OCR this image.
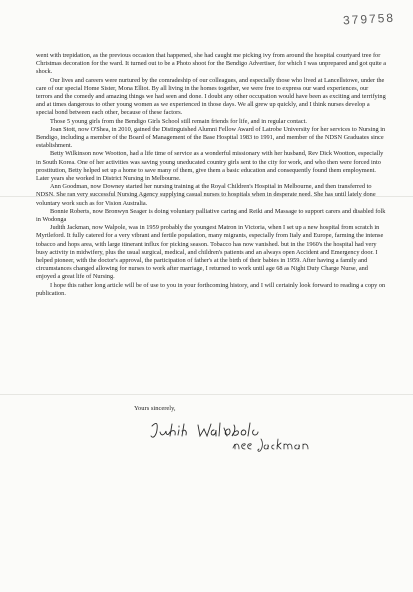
379758

went with trepidation, as the previous occasion that happened, she had caught me picking ivy from around the hospital courtyard tree for Christmas decoration for the ward. It turned out to be a Photo shoot for the Bendigo Advertiser, for which I was unprepared and got quite a shock.

Our lives and careers were nurtured by the comradeship of our colleagues, and especially those who lived at Lancellstowe, under the care of our special Home Sister, Mona Elliot. By all living in the homes together, we were free to express our ward experiences, our terrors and the comedy and amazing things we had seen and done. I doubt any other occupation would have been as exciting and terrifying and at times dangerous to other young women as we experienced in those days. We all grew up quickly, and I think nurses develop a special bond between each other, because of these factors.

Those 5 young girls from the Bendigo Girls School still remain friends for life, and in regular contact.

Joan Stott, now O'Shea, in 2010, gained the Distinguished Alumni Fellow Award of Latrobe University for her services to Nursing in Bendigo, including a member of the Board of Management of the Base Hospital 1983 to 1991, and member of the NDSN Graduates since establishment.

Betty Wilkinson now Wootton, had a life time of service as a wonderful missionary with her husband, Rev Dick Wootton, especially in South Korea. One of her activities was saving young uneducated country girls sent to the city for work, and who then were forced into prostitution, Betty helped set up a home to save many of them, give them a basic education and consequently found them employment. Later years she worked in District Nursing in Melbourne.

Ann Goodman, now Downey started her nursing training at the Royal Children's Hospital in Melbourne, and then transferred to NDSN. She ran very successful Nursing Agency supplying casual nurses to hospitals when in desperate need. She has until lately done voluntary work such as for Vision Australia.

Bonnie Roberts, now Bronwyn Seager is doing voluntary palliative caring and Reiki and Massage to support carers and disabled folk in Wodonga

Judith Jackman, now Walpole, was in 1959 probably the youngest Matron in Victoria, when I set up a new hospital from scratch in Myrtleford. It fully catered for a very vibrant and fertile population, many migrants, especially from Italy and Europe, farming the intense tobacco and hops area, with large itinerant influx for picking season. Tobacco has now vanished. but in the 1960's the hospital had very busy activity in midwifery, plus the usual surgical, medical, and children's patients and an always open Accident and Emergency door. I helped pioneer, with the doctor's approval, the participation of father's at the birth of their babies in 1959. After having a family and circumstances changed allowing for nurses to work after marriage, I returned to work until age 68 as Night Duty Charge Nurse, and enjoyed a great life of Nursing.

I hope this rather long article will be of use to you in your forthcoming history, and I will certainly look forward to reading a copy on publication.

Yours sincerely,
